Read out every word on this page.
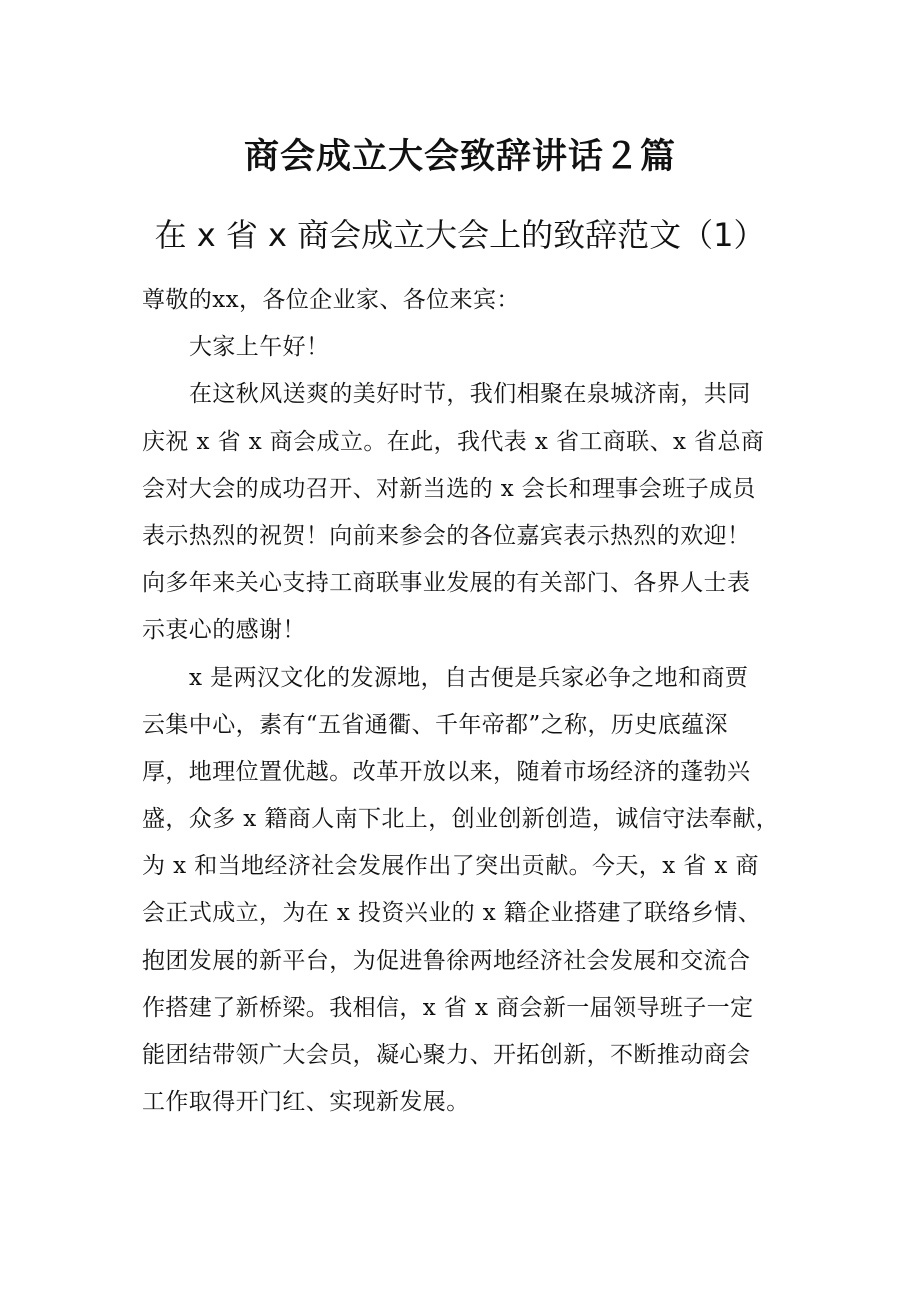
商会成立大会致辞讲话２篇
在 x 省 x 商会成立大会上的致辞范文（1）
尊敬的xx，各位企业家、各位来宾：
大家上午好！
在这秋风送爽的美好时节，我们相聚在泉城济南，共同
庆祝 x 省 x 商会成立。在此，我代表 x 省工商联、x 省总商
会对大会的成功召开、对新当选的 x 会长和理事会班子成员
表示热烈的祝贺！向前来参会的各位嘉宾表示热烈的欢迎！
向多年来关心支持工商联事业发展的有关部门、各界人士表
示衷心的感谢！
x 是两汉文化的发源地，自古便是兵家必争之地和商贾
云集中心，素有“五省通衢、千年帝都”之称，历史底蕴深
厚，地理位置优越。改革开放以来，随着市场经济的蓬勃兴
盛，众多 x 籍商人南下北上，创业创新创造，诚信守法奉献，
为 x 和当地经济社会发展作出了突出贡献。今天，x 省 x 商
会正式成立，为在 x 投资兴业的 x 籍企业搭建了联络乡情、
抱团发展的新平台，为促进鲁徐两地经济社会发展和交流合
作搭建了新桥梁。我相信，x 省 x 商会新一届领导班子一定
能团结带领广大会员，凝心聚力、开拓创新，不断推动商会
工作取得开门红、实现新发展。
